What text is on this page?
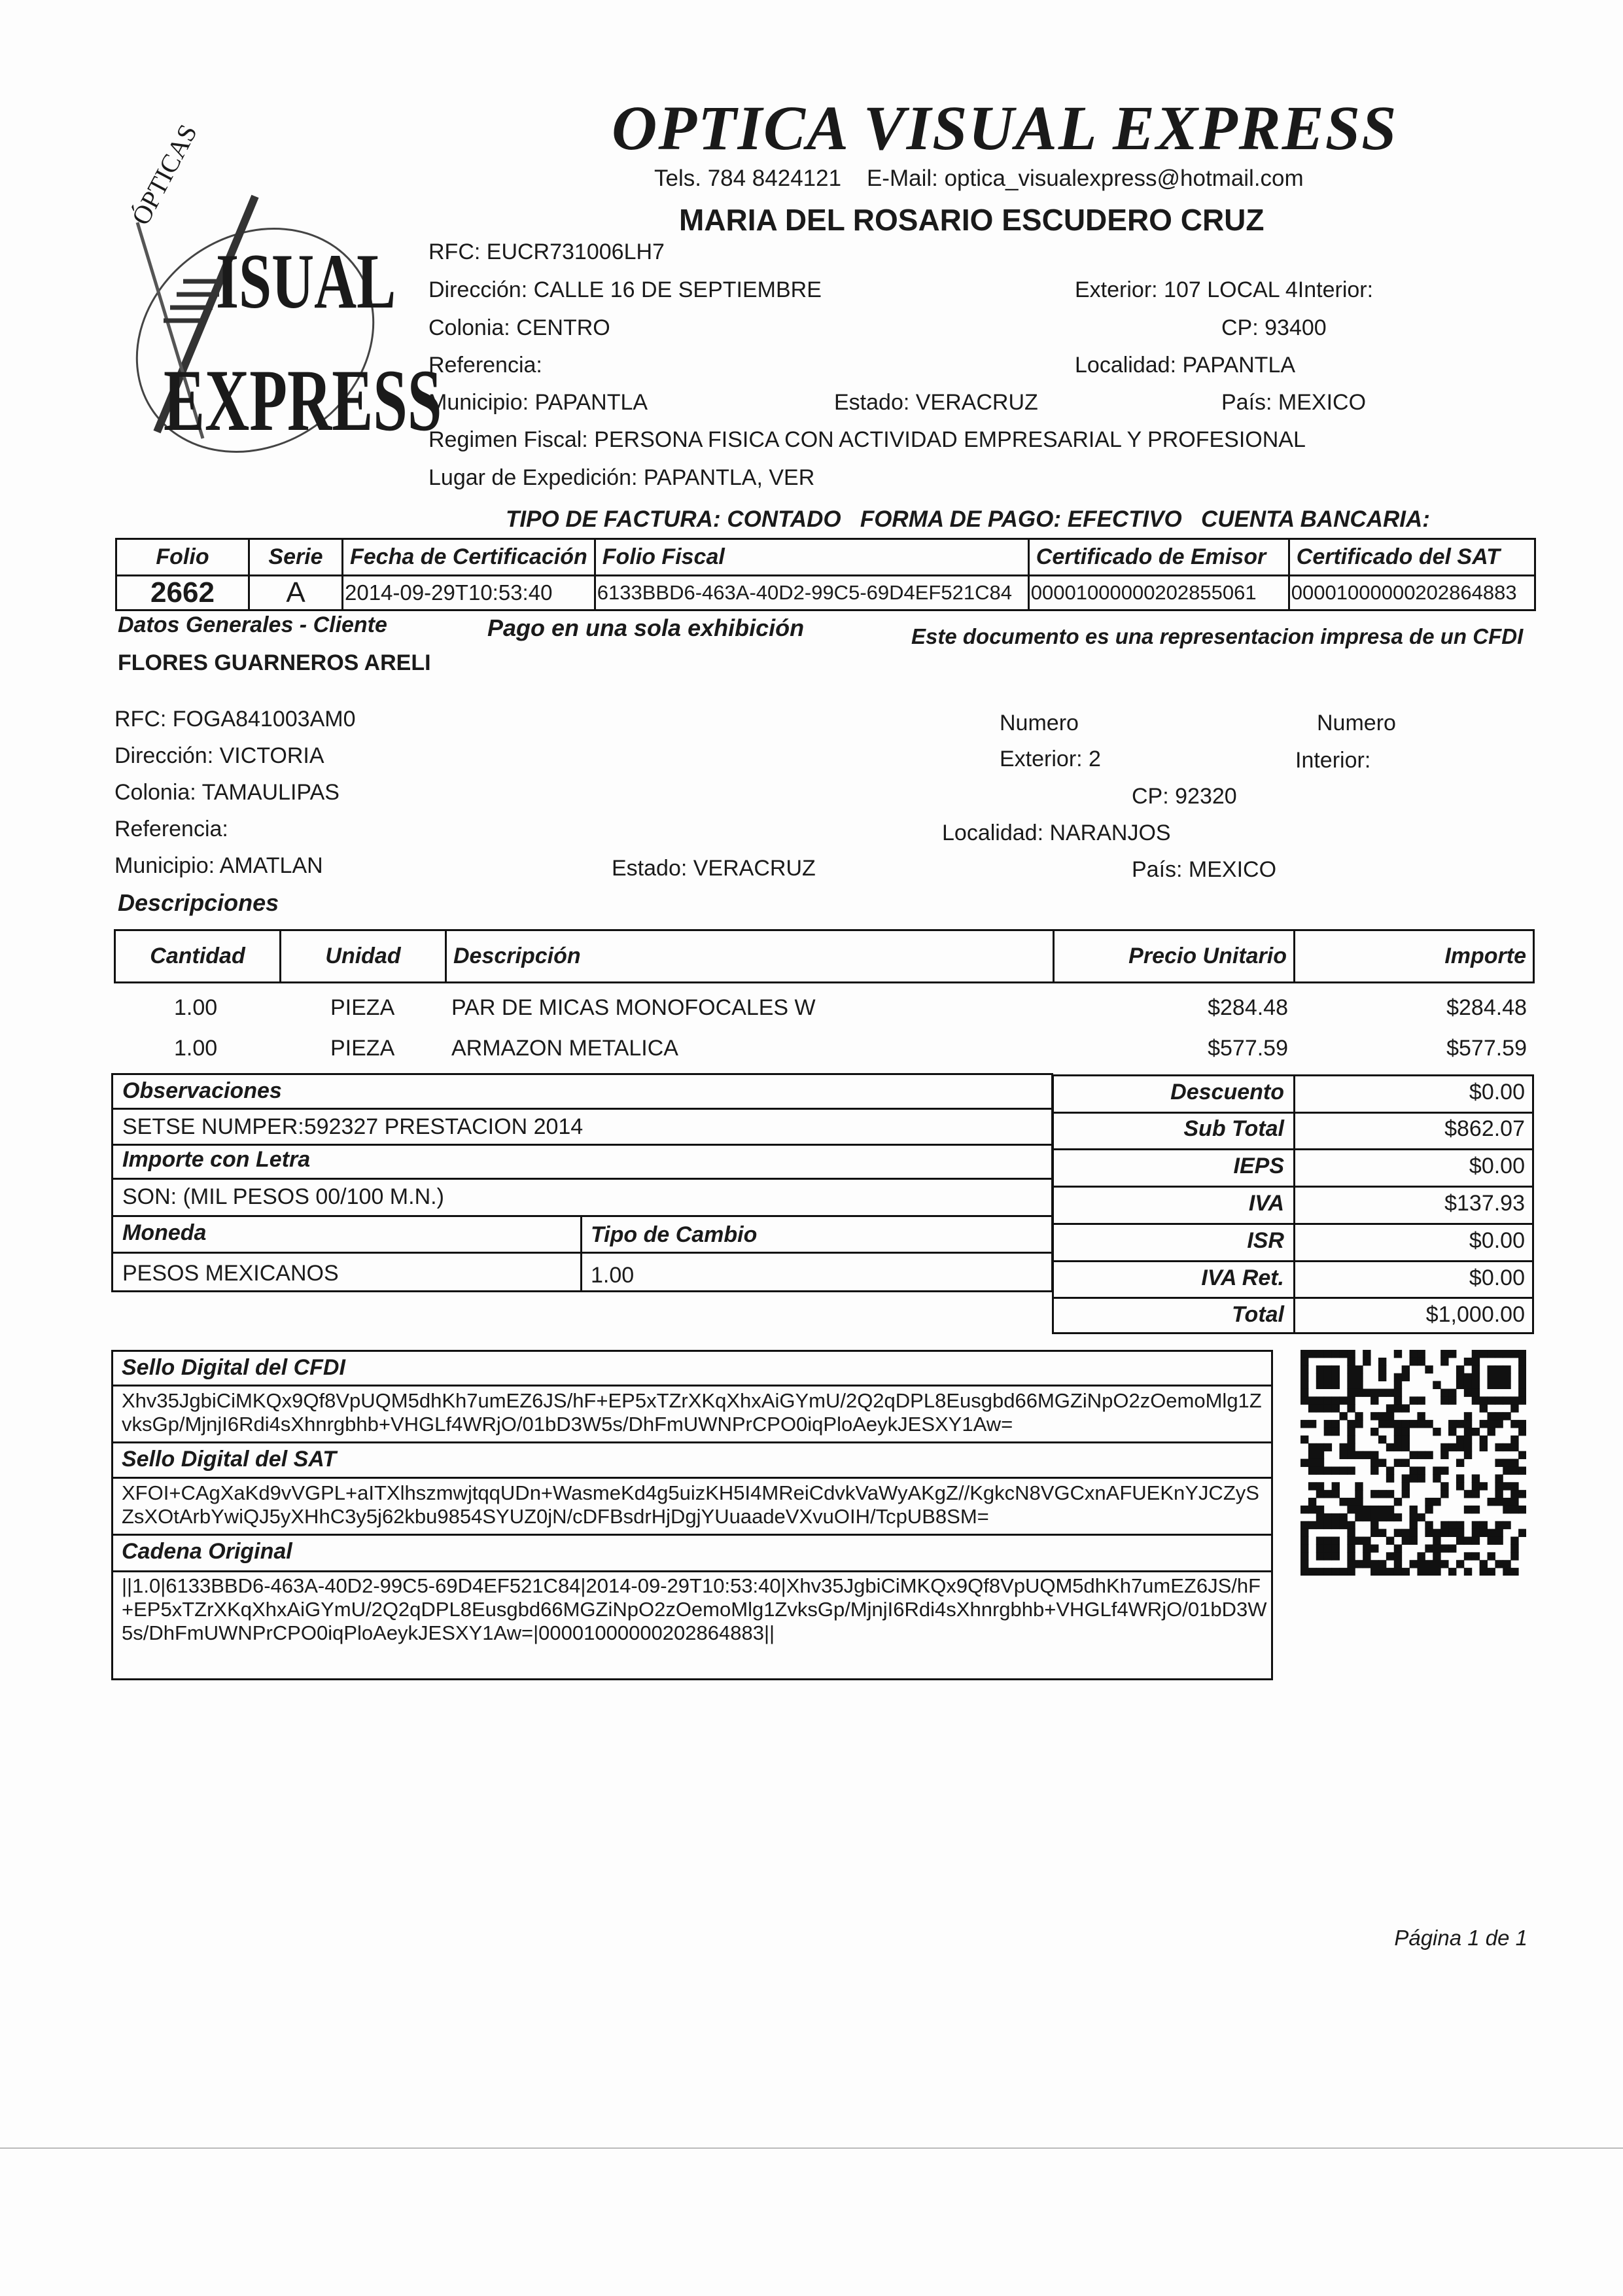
ÓPTICAS
ISUAL
EXPRESS
OPTICA VISUAL EXPRESS
Tels. 784 8424121    E-Mail: optica_visualexpress@hotmail.com
MARIA DEL ROSARIO ESCUDERO CRUZ
RFC: EUCR731006LH7
Dirección: CALLE 16 DE SEPTIEMBRE	Exterior: 107 LOCAL 4Interior:
Colonia: CENTRO	CP: 93400
Referencia:	Localidad: PAPANTLA
Municipio: PAPANTLA	Estado: VERACRUZ	País: MEXICO
Regimen Fiscal: PERSONA FISICA CON ACTIVIDAD EMPRESARIAL Y PROFESIONAL
Lugar de Expedición: PAPANTLA, VER
TIPO DE FACTURA: CONTADO   FORMA DE PAGO: EFECTIVO   CUENTA BANCARIA:
Folio	Serie	Fecha de Certificación	Folio Fiscal	Certificado de Emisor	Certificado del SAT
2662	A	2014-09-29T10:53:40	6133BBD6-463A-40D2-99C5-69D4EF521C84	00001000000202855061	00001000000202864883
Datos Generales - Cliente	Pago en una sola exhibición	Este documento es una representacion impresa de un CFDI
FLORES GUARNEROS ARELI
RFC: FOGA841003AM0
Dirección: VICTORIA
Colonia: TAMAULIPAS
Referencia:
Municipio: AMATLAN	Estado: VERACRUZ
Numero
Exterior: 2
Numero
Interior:
CP: 92320
Localidad: NARANJOS
País: MEXICO
Descripciones
Cantidad	Unidad	Descripción	Precio Unitario	Importe
1.00	PIEZA	PAR DE MICAS MONOFOCALES W	$284.48	$284.48
1.00	PIEZA	ARMAZON METALICA	$577.59	$577.59
Observaciones
SETSE NUMPER:592327 PRESTACION 2014
Importe con Letra
SON: (MIL PESOS 00/100 M.N.)
Moneda	Tipo de Cambio
PESOS MEXICANOS	1.00
Descuento	$0.00
Sub Total	$862.07
IEPS	$0.00
IVA	$137.93
ISR	$0.00
IVA Ret.	$0.00
Total	$1,000.00
Sello Digital del CFDI
Xhv35JgbiCiMKQx9Qf8VpUQM5dhKh7umEZ6JS/hF+EP5xTZrXKqXhxAiGYmU/2Q2qDPL8Eusgbd66MGZiNpO2zOemoMlg1ZvksGp/MjnjI6Rdi4sXhnrgbhb+VHGLf4WRjO/01bD3W5s/DhFmUWNPrCPO0iqPloAeykJESXY1Aw=
Sello Digital del SAT
XFOI+CAgXaKd9vVGPL+aITXlhszmwjtqqUDn+WasmeKd4g5uizKH5I4MReiCdvkVaWyAKgZ//KgkcN8VGCxnAFUEKnYJCZySZsXOtArbYwiQJ5yXHhC3y5j62kbu9854SYUZ0jN/cDFBsdrHjDgjYUuaadeVXvuOIH/TcpUB8SM=
Cadena Original
||1.0|6133BBD6-463A-40D2-99C5-69D4EF521C84|2014-09-29T10:53:40|Xhv35JgbiCiMKQx9Qf8VpUQM5dhKh7umEZ6JS/hF+EP5xTZrXKqXhxAiGYmU/2Q2qDPL8Eusgbd66MGZiNpO2zOemoMlg1ZvksGp/MjnjI6Rdi4sXhnrgbhb+VHGLf4WRjO/01bD3W5s/DhFmUWNPrCPO0iqPloAeykJESXY1Aw=|00001000000202864883||
Página 1 de 1
